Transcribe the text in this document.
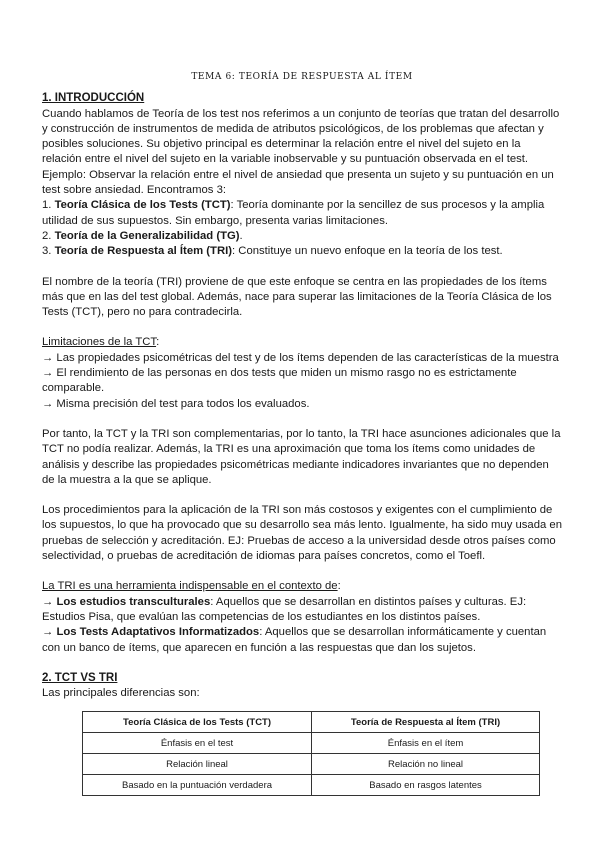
TEMA 6: TEORÍA DE RESPUESTA AL ÍTEM

1. INTRODUCCIÓN

Cuando hablamos de Teoría de los test nos referimos a un conjunto de teorías que tratan del desarrollo y construcción de instrumentos de medida de atributos psicológicos, de los problemas que afectan y posibles soluciones. Su objetivo principal es determinar la relación entre el nivel del sujeto en la relación entre el nivel del sujeto en la variable inobservable y su puntuación observada en el test. Ejemplo: Observar la relación entre el nivel de ansiedad que presenta un sujeto y su puntuación en un test sobre ansiedad. Encontramos 3:

1. Teoría Clásica de los Tests (TCT): Teoría dominante por la sencillez de sus procesos y la amplia utilidad de sus supuestos. Sin embargo, presenta varias limitaciones.

2. Teoría de la Generalizabilidad (TG).

3. Teoría de Respuesta al Ítem (TRI): Constituye un nuevo enfoque en la teoría de los test.

El nombre de la teoría (TRI) proviene de que este enfoque se centra en las propiedades de los ítems más que en las del test global. Además, nace para superar las limitaciones de la Teoría Clásica de los Tests (TCT), pero no para contradecirla.

Limitaciones de la TCT:

→ Las propiedades psicométricas del test y de los ítems dependen de las características de la muestra

→ El rendimiento de las personas en dos tests que miden un mismo rasgo no es estrictamente comparable.

→ Misma precisión del test para todos los evaluados.

Por tanto, la TCT y la TRI son complementarias, por lo tanto, la TRI hace asunciones adicionales que la TCT no podía realizar. Además, la TRI es una aproximación que toma los ítems como unidades de análisis y describe las propiedades psicométricas mediante indicadores invariantes que no dependen de la muestra a la que se aplique.

Los procedimientos para la aplicación de la TRI son más costosos y exigentes con el cumplimiento de los supuestos, lo que ha provocado que su desarrollo sea más lento. Igualmente, ha sido muy usada en pruebas de selección y acreditación. EJ: Pruebas de acceso a la universidad desde otros países como selectividad, o pruebas de acreditación de idiomas para países concretos, como el Toefl.

La TRI es una herramienta indispensable en el contexto de:

→ Los estudios transculturales: Aquellos que se desarrollan en distintos países y culturas. EJ: Estudios Pisa, que evalúan las competencias de los estudiantes en los distintos países.

→ Los Tests Adaptativos Informatizados: Aquellos que se desarrollan informáticamente y cuentan con un banco de ítems, que aparecen en función a las respuestas que dan los sujetos.

2. TCT VS TRI

Las principales diferencias son:

Teoría Clásica de los Tests (TCT)	Teoría de Respuesta al Ítem (TRI)
Énfasis en el test	Énfasis en el ítem
Relación lineal	Relación no lineal
Basado en la puntuación verdadera	Basado en rasgos latentes
